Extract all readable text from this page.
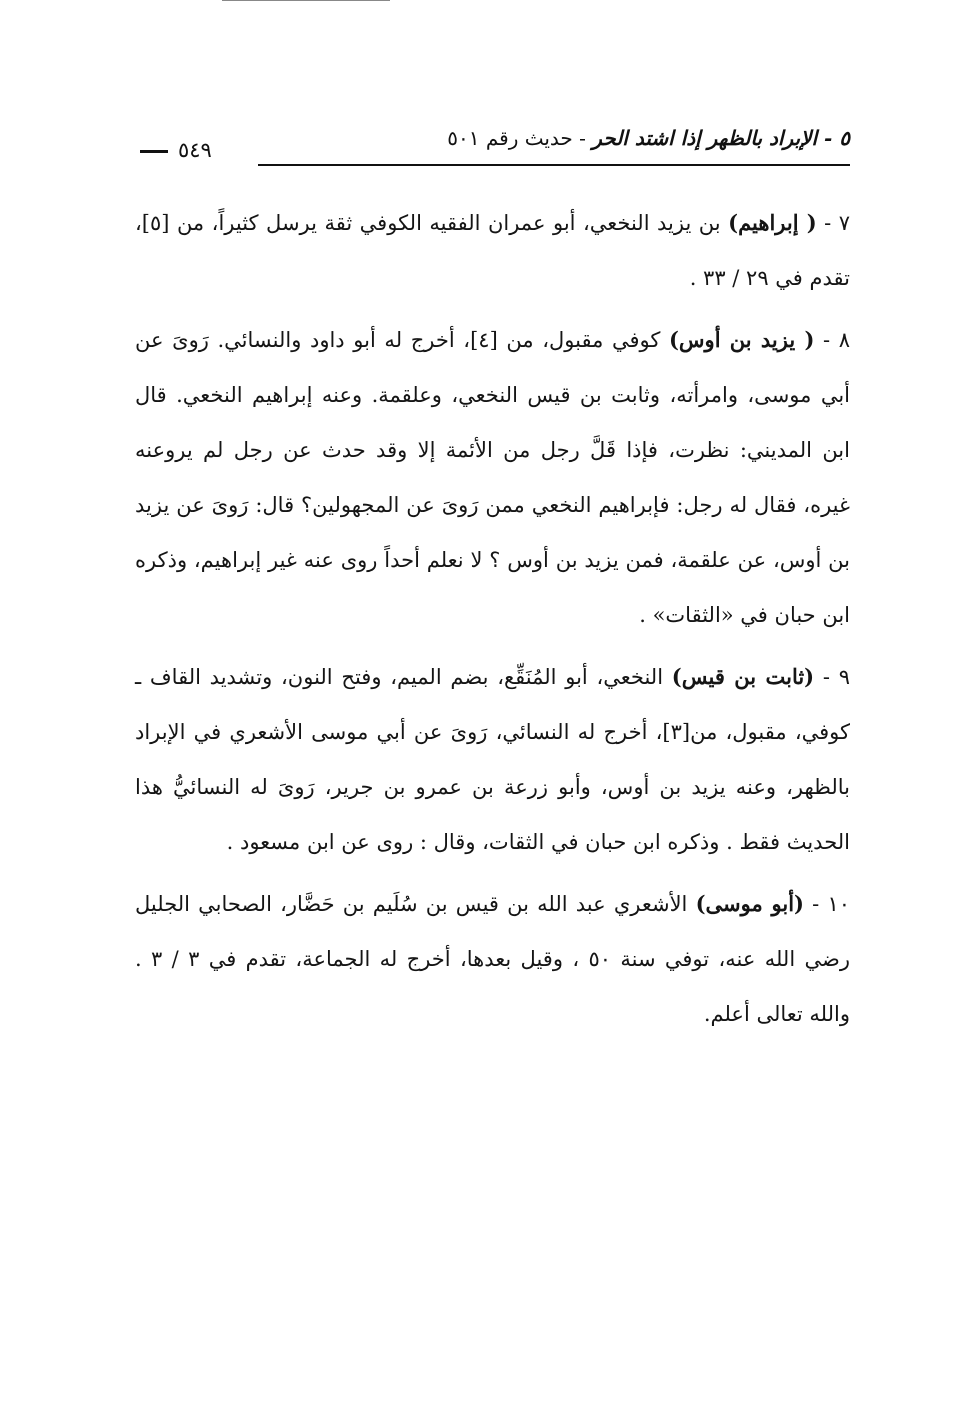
٥ - الإبراد بالظهر إذا اشتد الحر - حديث رقم ٥٠١
٥٤٩

٧ - ( إبراهيم) بن يزيد النخعي، أبو عمران الفقيه الكوفي ثقة يرسل كثيراً، من [٥]، تقدم في ٢٩ / ٣٣ .

٨ - ( يزيد بن أوس) كوفي مقبول، من [٤]، أخرج له أبو داود والنسائي. رَوىَ عن أبي موسى، وامرأته، وثابت بن قيس النخعي، وعلقمة. وعنه إبراهيم النخعي. قال ابن المديني: نظرت، فإذا قَلَّ رجل من الأئمة إلا وقد حدث عن رجل لم يروعنه غيره، فقال له رجل: فإبراهيم النخعي ممن رَوىَ عن المجهولين؟ قال: رَوىَ عن يزيد بن أوس، عن علقمة، فمن يزيد بن أوس ؟ لا نعلم أحداً روى عنه غير إبراهيم، وذكره ابن حبان في «الثقات» .

٩ - (ثابت بن قيس) النخعي، أبو المُنَقِّع، بضم الميم، وفتح النون، وتشديد القاف ـ كوفي، مقبول، من[٣]، أخرج له النسائي، رَوىَ عن أبي موسى الأشعري في الإبراد بالظهر، وعنه يزيد بن أوس، وأبو زرعة بن عمرو بن جرير، رَوىَ له النسائيُّ هذا الحديث فقط . وذكره ابن حبان في الثقات، وقال : روى عن ابن مسعود .

١٠ - (أبو موسى) الأشعري عبد الله بن قيس بن سُلَيم بن حَضَّار، الصحابي الجليل رضي الله عنه، توفي سنة ٥٠ ، وقيل بعدها، أخرج له الجماعة، تقدم في ٣ / ٣ . والله تعالى أعلم.
